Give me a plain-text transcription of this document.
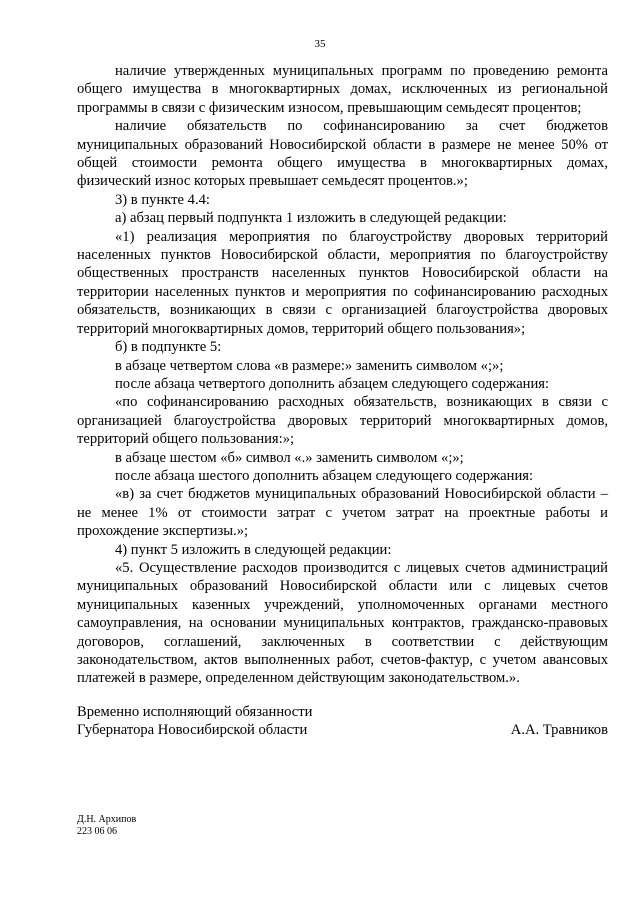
35

наличие утвержденных муниципальных программ по проведению ремонта общего имущества в многоквартирных домах, исключенных из региональной программы в связи с физическим износом, превышающим семьдесят процентов;

наличие обязательств по софинансированию за счет бюджетов муниципальных образований Новосибирской области в размере не менее 50% от общей стоимости ремонта общего имущества в многоквартирных домах, физический износ которых превышает семьдесят процентов.»;

3) в пункте 4.4:

а) абзац первый подпункта 1 изложить в следующей редакции:

«1) реализация мероприятия по благоустройству дворовых территорий населенных пунктов Новосибирской области, мероприятия по благоустройству общественных пространств населенных пунктов Новосибирской области на территории населенных пунктов и мероприятия по софинансированию расходных обязательств, возникающих в связи с организацией благоустройства дворовых территорий многоквартирных домов, территорий общего пользования»;

б) в подпункте 5:

в абзаце четвертом слова «в размере:» заменить символом «;»;

после абзаца четвертого дополнить абзацем следующего содержания:

«по софинансированию расходных обязательств, возникающих в связи с организацией благоустройства дворовых территорий многоквартирных домов, территорий общего пользования:»;

в абзаце шестом «б» символ «.» заменить символом «;»;

после абзаца шестого дополнить абзацем следующего содержания:

«в) за счет бюджетов муниципальных образований Новосибирской области – не менее 1% от стоимости затрат с учетом затрат на проектные работы и прохождение экспертизы.»;

4) пункт 5 изложить в следующей редакции:

«5. Осуществление расходов производится с лицевых счетов администраций муниципальных образований Новосибирской области или с лицевых счетов муниципальных казенных учреждений, уполномоченных органами местного самоуправления, на основании муниципальных контрактов, гражданско-правовых договоров, соглашений, заключенных в соответствии с действующим законодательством, актов выполненных работ, счетов-фактур, с учетом авансовых платежей в размере, определенном действующим законодательством.».

Временно исполняющий обязанности
Губернатора Новосибирской области	А.А. Травников
Д.Н. Архипов
223 06 06
